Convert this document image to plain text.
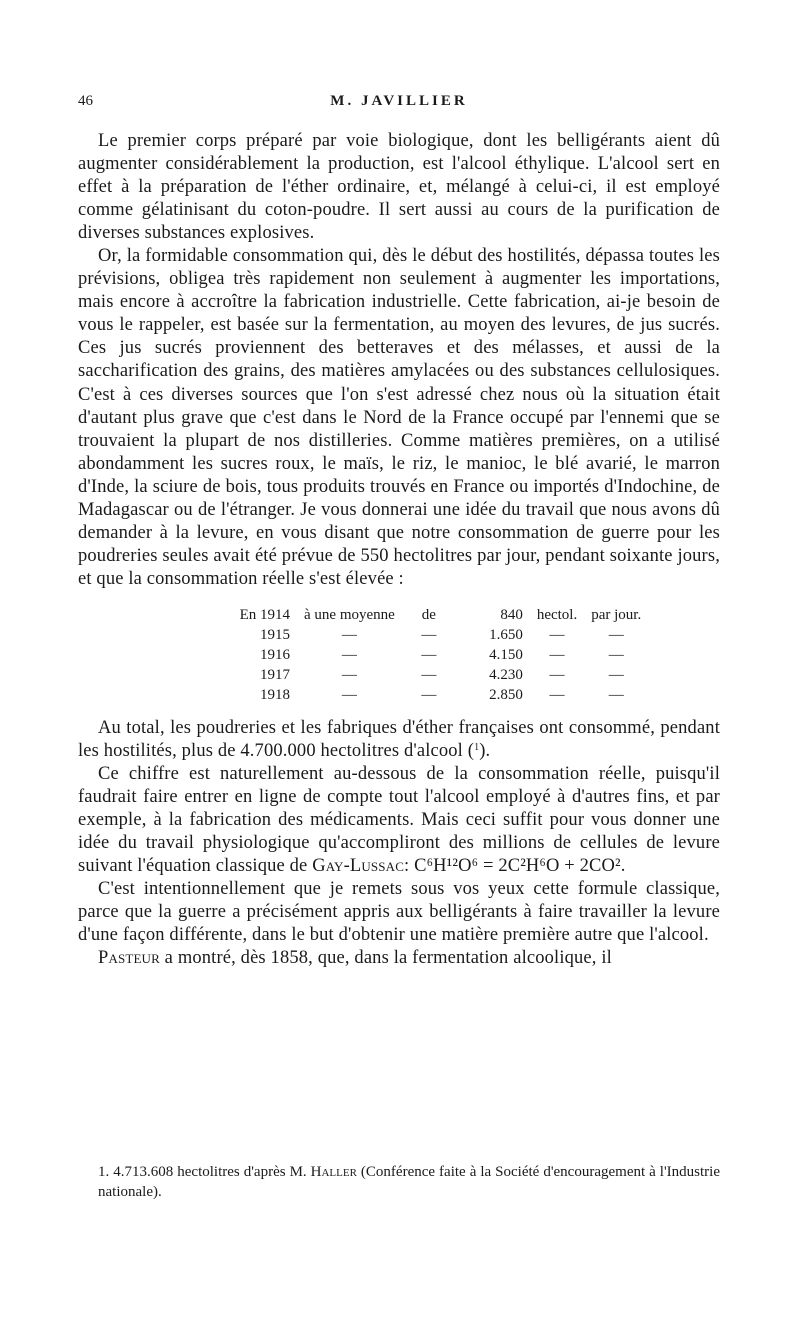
46	M. JAVILLIER

Le premier corps préparé par voie biologique, dont les belligérants aient dû augmenter considérablement la production, est l'alcool éthylique. L'alcool sert en effet à la préparation de l'éther ordinaire, et, mélangé à celui-ci, il est employé comme gélatinisant du coton-poudre. Il sert aussi au cours de la purification de diverses substances explosives.

Or, la formidable consommation qui, dès le début des hostilités, dépassa toutes les prévisions, obligea très rapidement non seulement à augmenter les importations, mais encore à accroître la fabrication industrielle. Cette fabrication, ai-je besoin de vous le rappeler, est basée sur la fermentation, au moyen des levures, de jus sucrés. Ces jus sucrés proviennent des betteraves et des mélasses, et aussi de la saccharification des grains, des matières amylacées ou des substances cellulosiques. C'est à ces diverses sources que l'on s'est adressé chez nous où la situation était d'autant plus grave que c'est dans le Nord de la France occupé par l'ennemi que se trouvaient la plupart de nos distilleries. Comme matières premières, on a utilisé abondamment les sucres roux, le maïs, le riz, le manioc, le blé avarié, le marron d'Inde, la sciure de bois, tous produits trouvés en France ou importés d'Indochine, de Madagascar ou de l'étranger. Je vous donnerai une idée du travail que nous avons dû demander à la levure, en vous disant que notre consommation de guerre pour les poudreries seules avait été prévue de 550 hectolitres par jour, pendant soixante jours, et que la consommation réelle s'est élevée :

En 1914	à une moyenne	de	840	hectol.	par jour.
1915	—	—	1.650	—	—
1916	—	—	4.150	—	—
1917	—	—	4.230	—	—
1918	—	—	2.850	—	—

Au total, les poudreries et les fabriques d'éther françaises ont consommé, pendant les hostilités, plus de 4.700.000 hectolitres d'alcool ($^1$).

Ce chiffre est naturellement au-dessous de la consommation réelle, puisqu'il faudrait faire entrer en ligne de compte tout l'alcool employé à d'autres fins, et par exemple, à la fabrication des médicaments. Mais ceci suffit pour vous donner une idée du travail physiologique qu'accompliront des millions de cellules de levure suivant l'équation classique de Gay-Lussac: C⁶H¹²O⁶ = 2C²H⁶O + 2CO².

C'est intentionnellement que je remets sous vos yeux cette formule classique, parce que la guerre a précisément appris aux belligérants à faire travailler la levure d'une façon différente, dans le but d'obtenir une matière première autre que l'alcool.

Pasteur a montré, dès 1858, que, dans la fermentation alcoolique, il

1. 4.713.608 hectolitres d'après M. Haller (Conférence faite à la Société d'encouragement à l'Industrie nationale).
